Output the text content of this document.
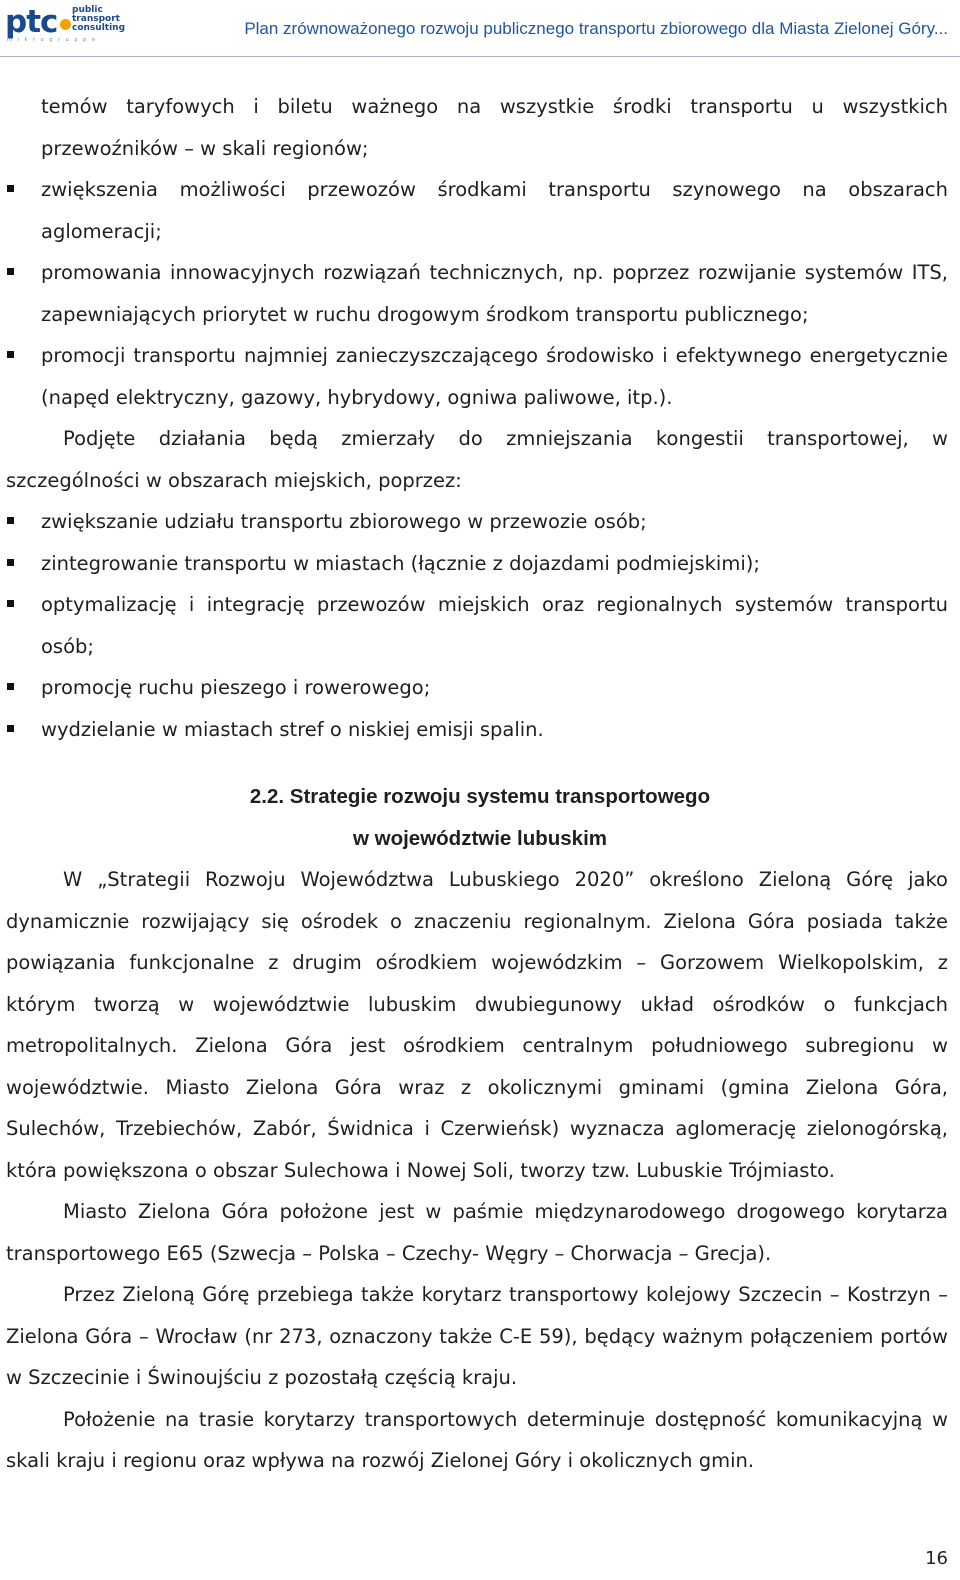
ptc public
transport
consulting
m i k r o g r u p p e
Plan zrównoważonego rozwoju publicznego transportu zbiorowego dla Miasta Zielonej Góry...

temów taryfowych i biletu ważnego na wszystkie środki transportu u wszystkich przewoźników – w skali regionów;

zwiększenia możliwości przewozów środkami transportu szynowego na obszarach aglomeracji;

promowania innowacyjnych rozwiązań technicznych, np. poprzez rozwijanie systemów ITS, zapewniających priorytet w ruchu drogowym środkom transportu publicznego;

promocji transportu najmniej zanieczyszczającego środowisko i efektywnego energetycznie (napęd elektryczny, gazowy, hybrydowy, ogniwa paliwowe, itp.).

Podjęte działania będą zmierzały do zmniejszania kongestii transportowej, w szczególności w obszarach miejskich, poprzez:

zwiększanie udziału transportu zbiorowego w przewozie osób;

zintegrowanie transportu w miastach (łącznie z dojazdami podmiejskimi);

optymalizację i integrację przewozów miejskich oraz regionalnych systemów transportu osób;

promocję ruchu pieszego i rowerowego;

wydzielanie w miastach stref o niskiej emisji spalin.

2.2. Strategie rozwoju systemu transportowego

w województwie lubuskim

W „Strategii Rozwoju Województwa Lubuskiego 2020” określono Zieloną Górę jako dynamicznie rozwijający się ośrodek o znaczeniu regionalnym. Zielona Góra posiada także powiązania funkcjonalne z drugim ośrodkiem wojewódzkim – Gorzowem Wielkopolskim, z którym tworzą w województwie lubuskim dwubiegunowy układ ośrodków o funkcjach metropolitalnych. Zielona Góra jest ośrodkiem centralnym południowego subregionu w województwie. Miasto Zielona Góra wraz z okolicznymi gminami (gmina Zielona Góra, Sulechów, Trzebiechów, Zabór, Świdnica i Czerwieńsk) wyznacza aglomerację zielonogórską, która powiększona o obszar Sulechowa i Nowej Soli, tworzy tzw. Lubuskie Trójmiasto.

Miasto Zielona Góra położone jest w paśmie międzynarodowego drogowego korytarza transportowego E65 (Szwecja – Polska – Czechy- Węgry – Chorwacja – Grecja).

Przez Zieloną Górę przebiega także korytarz transportowy kolejowy Szczecin – Kostrzyn – Zielona Góra – Wrocław (nr 273, oznaczony także C-E 59), będący ważnym połączeniem portów w Szczecinie i Świnoujściu z pozostałą częścią kraju.

Położenie na trasie korytarzy transportowych determinuje dostępność komunikacyjną w skali kraju i regionu oraz wpływa na rozwój Zielonej Góry i okolicznych gmin.

16
